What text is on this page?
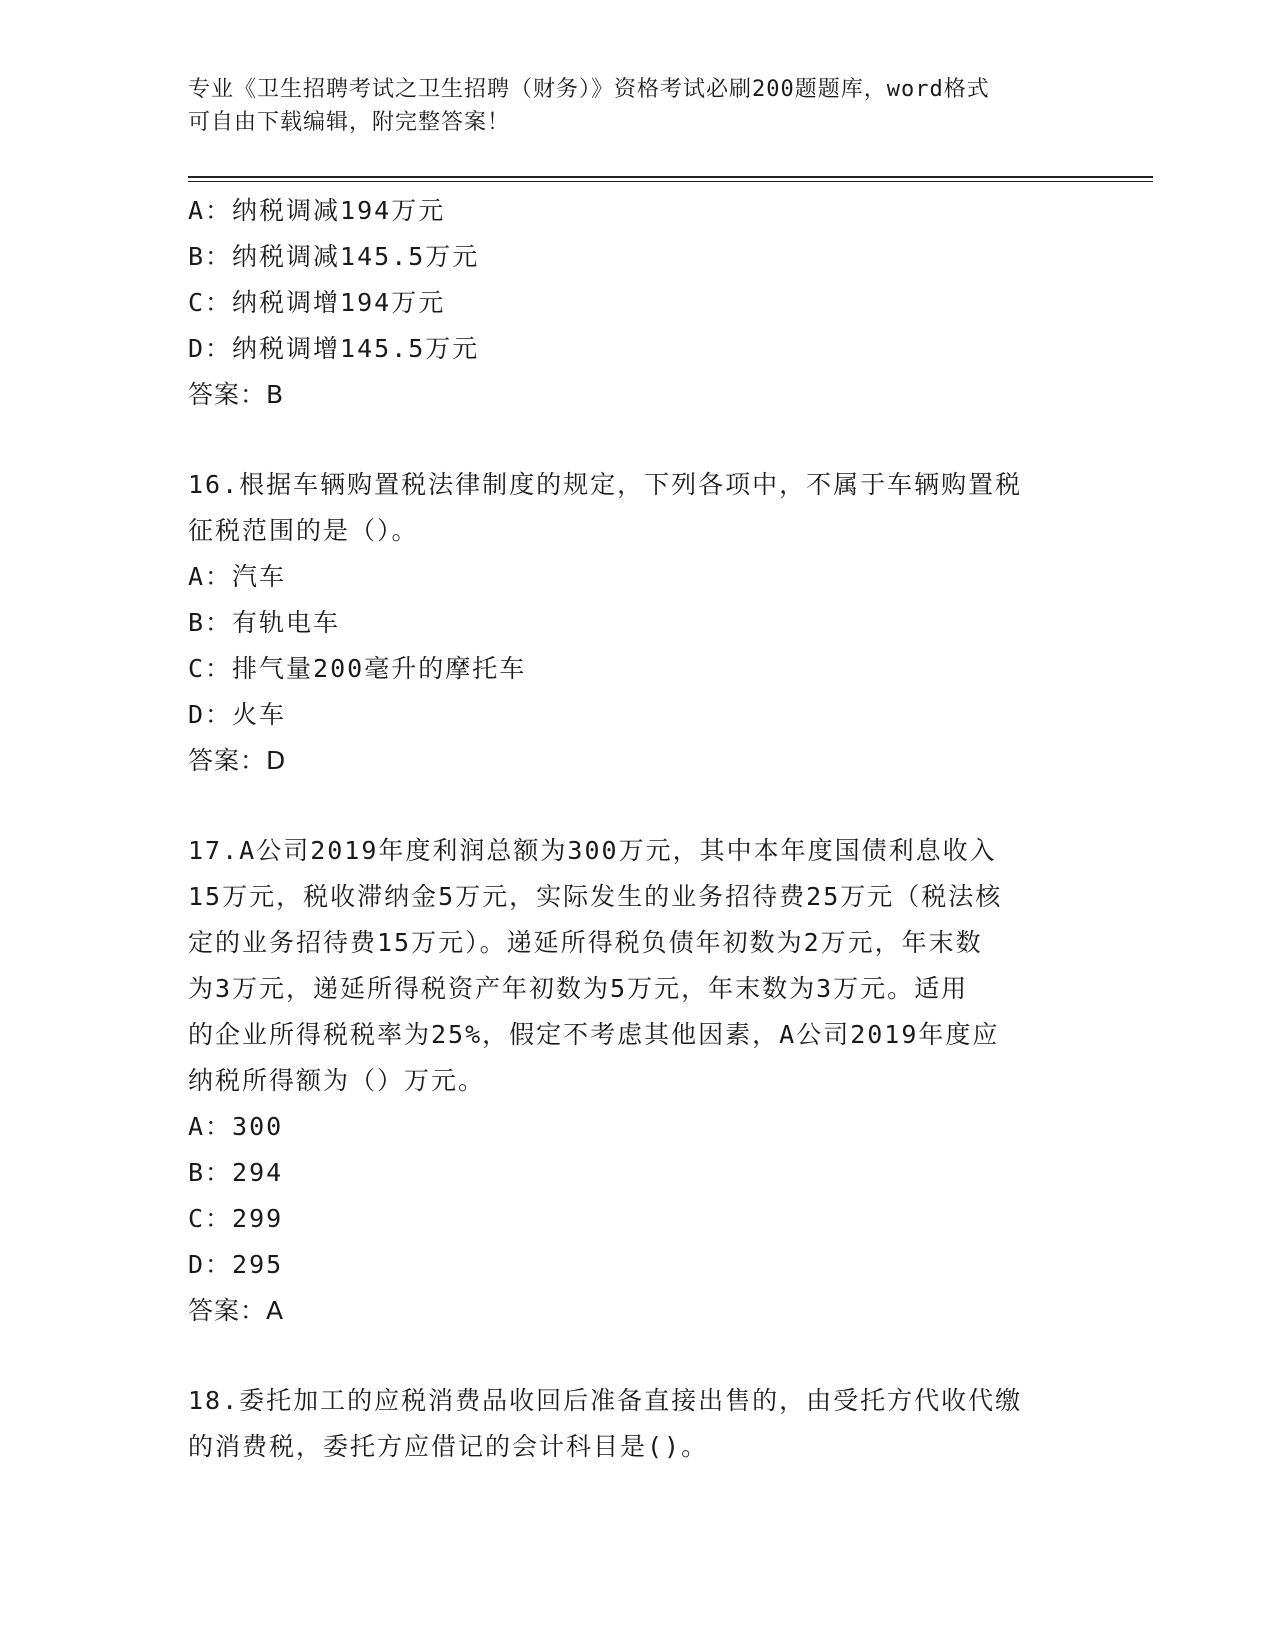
专业《卫生招聘考试之卫生招聘（财务）》资格考试必刷200题题库，word格式
可自由下载编辑，附完整答案！
A：纳税调减194万元
B：纳税调减145.5万元
C：纳税调增194万元
D：纳税调增145.5万元
答案：B
16.根据车辆购置税法律制度的规定，下列各项中，不属于车辆购置税
征税范围的是（）。
A：汽车
B：有轨电车
C：排气量200毫升的摩托车
D：火车
答案：D
17.A公司2019年度利润总额为300万元，其中本年度国债利息收入
15万元，税收滞纳金5万元，实际发生的业务招待费25万元（税法核
定的业务招待费15万元）。递延所得税负债年初数为2万元，年末数
为3万元，递延所得税资产年初数为5万元，年末数为3万元。适用
的企业所得税税率为25%，假定不考虑其他因素，A公司2019年度应
纳税所得额为（）万元。
A：300
B：294
C：299
D：295
答案：A
18.委托加工的应税消费品收回后准备直接出售的，由受托方代收代缴
的消费税，委托方应借记的会计科目是()。
